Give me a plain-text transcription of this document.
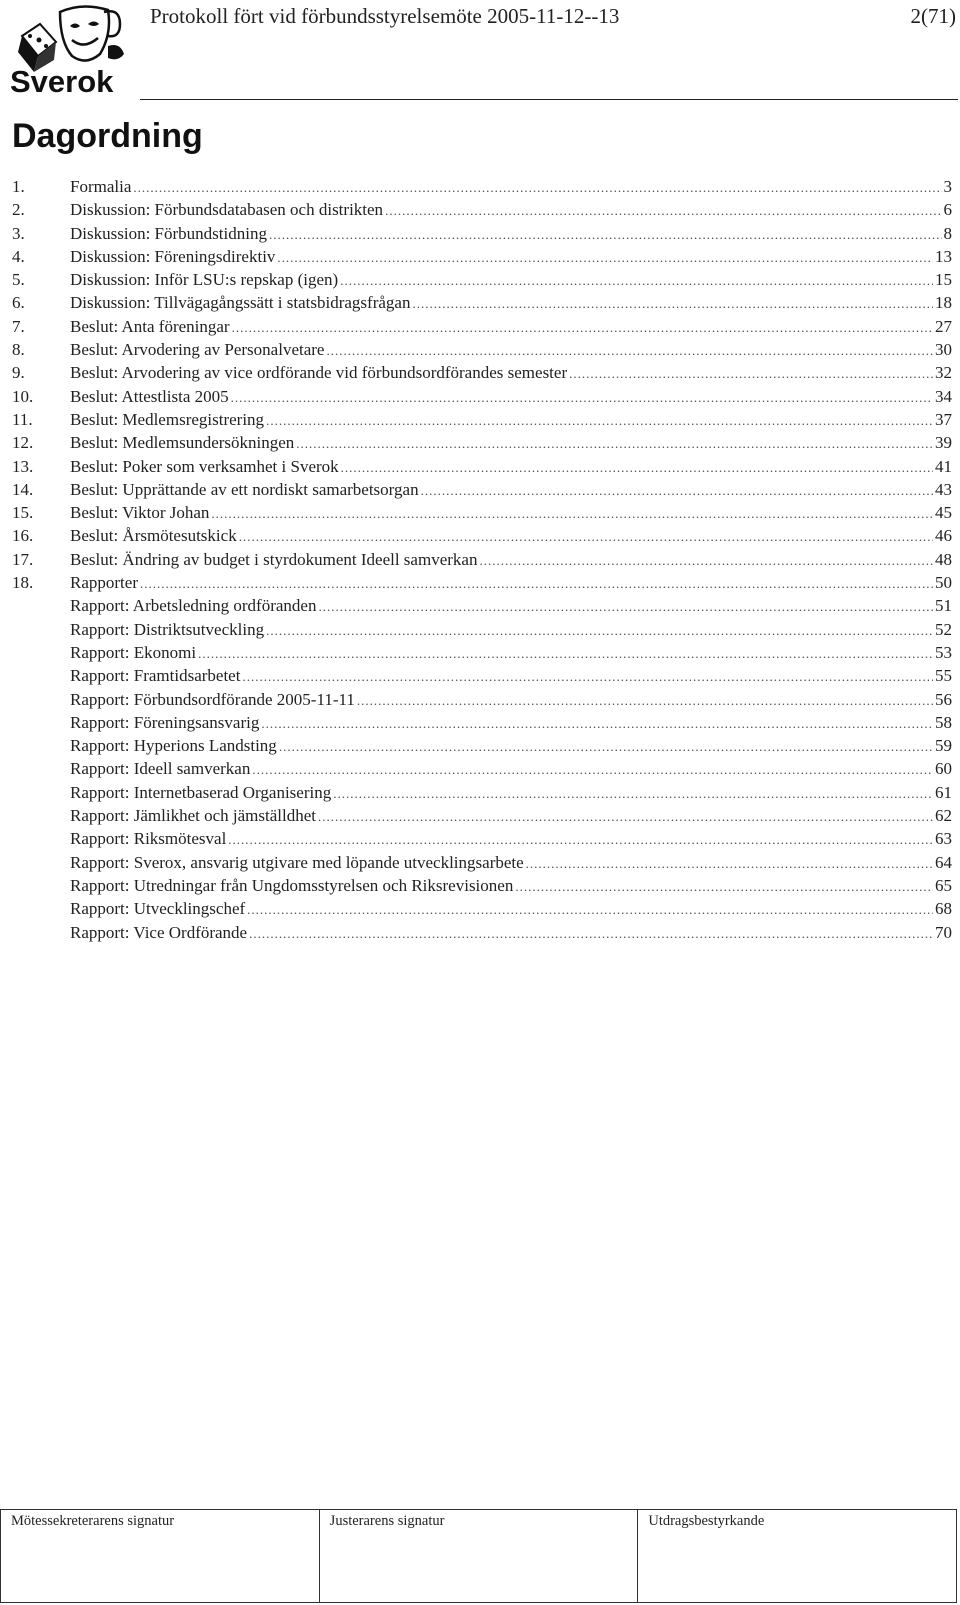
Sverok
Protokoll fört vid förbundsstyrelsemöte 2005-11-12--13	2(71)
Dagordning
1.	Formalia .....	3
2.	Diskussion: Förbundsdatabasen och distrikten .....	6
3.	Diskussion: Förbundstidning .....	8
4.	Diskussion: Föreningsdirektiv .....	13
5.	Diskussion: Inför LSU:s repskap (igen) .....	15
6.	Diskussion: Tillvägagångssätt i statsbidragsfrågan .....	18
7.	Beslut: Anta föreningar .....	27
8.	Beslut: Arvodering av Personalvetare .....	30
9.	Beslut: Arvodering av vice ordförande vid förbundsordförandes semester .....	32
10.	Beslut: Attestlista 2005 .....	34
11.	Beslut: Medlemsregistrering .....	37
12.	Beslut: Medlemsundersökningen .....	39
13.	Beslut: Poker som verksamhet i Sverok .....	41
14.	Beslut: Upprättande av ett nordiskt samarbetsorgan .....	43
15.	Beslut: Viktor Johan .....	45
16.	Beslut: Årsmötesutskick .....	46
17.	Beslut: Ändring av budget i styrdokument Ideell samverkan .....	48
18.	Rapporter .....	50
Rapport: Arbetsledning ordföranden .....	51
Rapport: Distriktsutveckling .....	52
Rapport: Ekonomi .....	53
Rapport: Framtidsarbetet .....	55
Rapport: Förbundsordförande 2005-11-11 .....	56
Rapport: Föreningsansvarig .....	58
Rapport: Hyperions Landsting .....	59
Rapport: Ideell samverkan .....	60
Rapport: Internetbaserad Organisering .....	61
Rapport: Jämlikhet och jämställdhet .....	62
Rapport: Riksmötesval .....	63
Rapport: Sverox, ansvarig utgivare med löpande utvecklingsarbete .....	64
Rapport: Utredningar från Ungdomsstyrelsen och Riksrevisionen .....	65
Rapport: Utvecklingschef .....	68
Rapport: Vice Ordförande .....	70
Mötessekreterarens signatur	Justerarens signatur	Utdragsbestyrkande
